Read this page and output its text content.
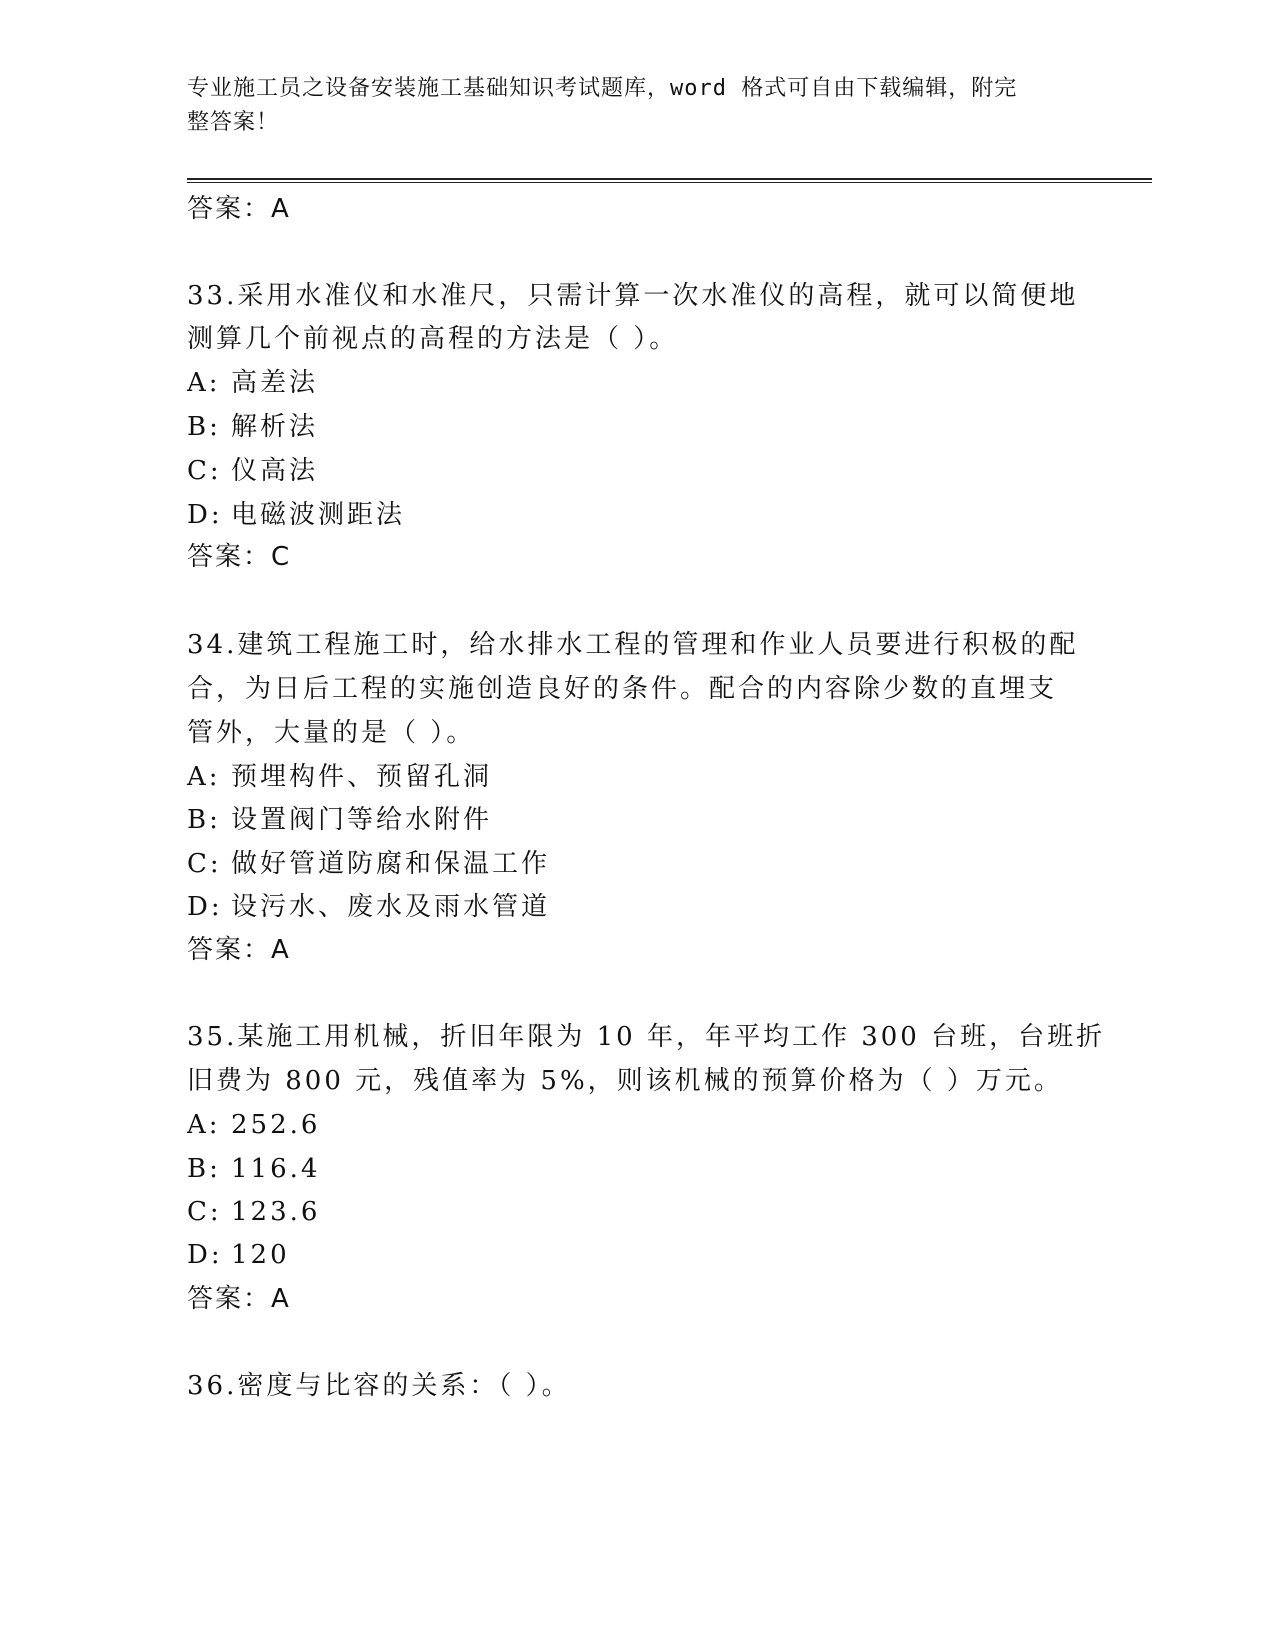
专业施工员之设备安装施工基础知识考试题库，word 格式可自由下载编辑，附完
整答案！
答案：A
33.采用水准仪和水准尺，只需计算一次水准仪的高程，就可以简便地
测算几个前视点的高程的方法是（ ）。
A: 高差法
B: 解析法
C: 仪高法
D: 电磁波测距法
答案：C
34.建筑工程施工时，给水排水工程的管理和作业人员要进行积极的配
合，为日后工程的实施创造良好的条件。配合的内容除少数的直埋支
管外，大量的是（ ）。
A: 预埋构件、预留孔洞
B: 设置阀门等给水附件
C: 做好管道防腐和保温工作
D: 设污水、废水及雨水管道
答案：A
35.某施工用机械，折旧年限为 10 年，年平均工作 300 台班，台班折
旧费为 800 元，残值率为 5%，则该机械的预算价格为（ ）万元。
A: 252.6
B: 116.4
C: 123.6
D: 120
答案：A
36.密度与比容的关系：（ ）。
